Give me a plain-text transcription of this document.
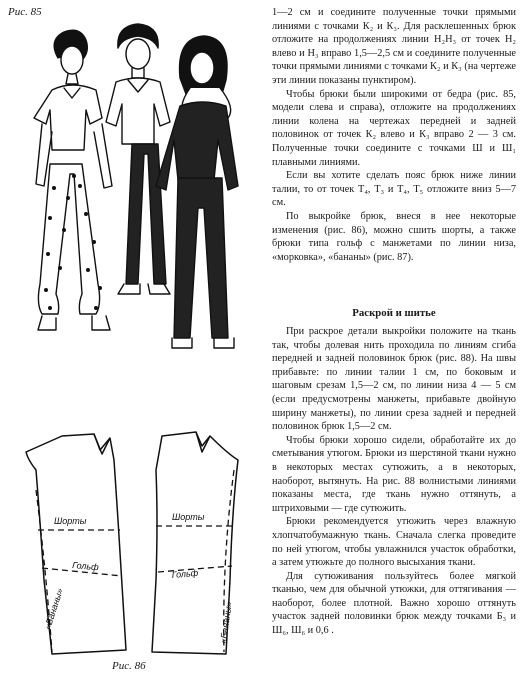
Рис. 85	1—2 см и соедините полученные точки прямыми линиями с точками К₂ и К₃. Для расклешенных брюк отложите на продолжениях линии Н₂Н₃ от точек Н₂ влево и Н₃ вправо 1,5—2,5 см и соедините полученные точки прямыми линиями с точками К₂ и К₃ (на чертеже эти линии показаны пунктиром).

Чтобы брюки были широкими от бедра (рис. 85, модели слева и справа), отложите на продолжениях линии колена на чертежах передней и задней половинок от точек К₂ влево и К₃ вправо 2 — 3 см. Полученные точки соедините с точками Ш и Ш₁ плавными линиями.

Если вы хотите сделать пояс брюк ниже линии талии, то от точек Т₄, Т₃ и Т₄, Т₅ отложите вниз 5—7 см.

По выкройке брюк, внеся в нее некоторые изменения (рис. 86), можно сшить шорты, а также брюки типа гольф с манжетами по линии низа, «морковка», «бананы» (рис. 87).

Раскрой и шитье

При раскрое детали выкройки положите на ткань так, чтобы долевая нить проходила по линиям сгиба передней и задней половинок брюк (рис. 88). На швы прибавьте: по линии талии 1 см, по боковым и шаговым срезам 1,5—2 см, по линии низа 4 — 5 см (если предусмотрены манжеты, прибавьте двойную ширину манжеты), по линии среза задней и передней половинок брюк 1,5—2 см.

Чтобы брюки хорошо сидели, обработайте их до сметывания утюгом. Брюки из шерстяной ткани нужно в некоторых местах сутюжить, а в некоторых, наоборот, вытянуть. На рис. 88 волнистыми линиями показаны места, где ткань нужно оттянуть, а штриховыми — где сутюжить.

Брюки рекомендуется утюжить через влажную хлопчатобумажную ткань. Сначала слегка проведите по ней утюгом, чтобы увлажнился участок обработки, а затем утюжьте до полного высыхания ткани.

Для сутюживания пользуйтесь более мягкой тканью, чем для обычной утюжки, для оттягивания — наоборот, более плотной. Важно хорошо оттянуть участок задней половинки брюк между точками Б₃ и Ш₆, Ш₆ и 0,6 .

Шорты	Шорты
Гольф
Гольф
«Бананы»	«Бананы»
Рис. 86
